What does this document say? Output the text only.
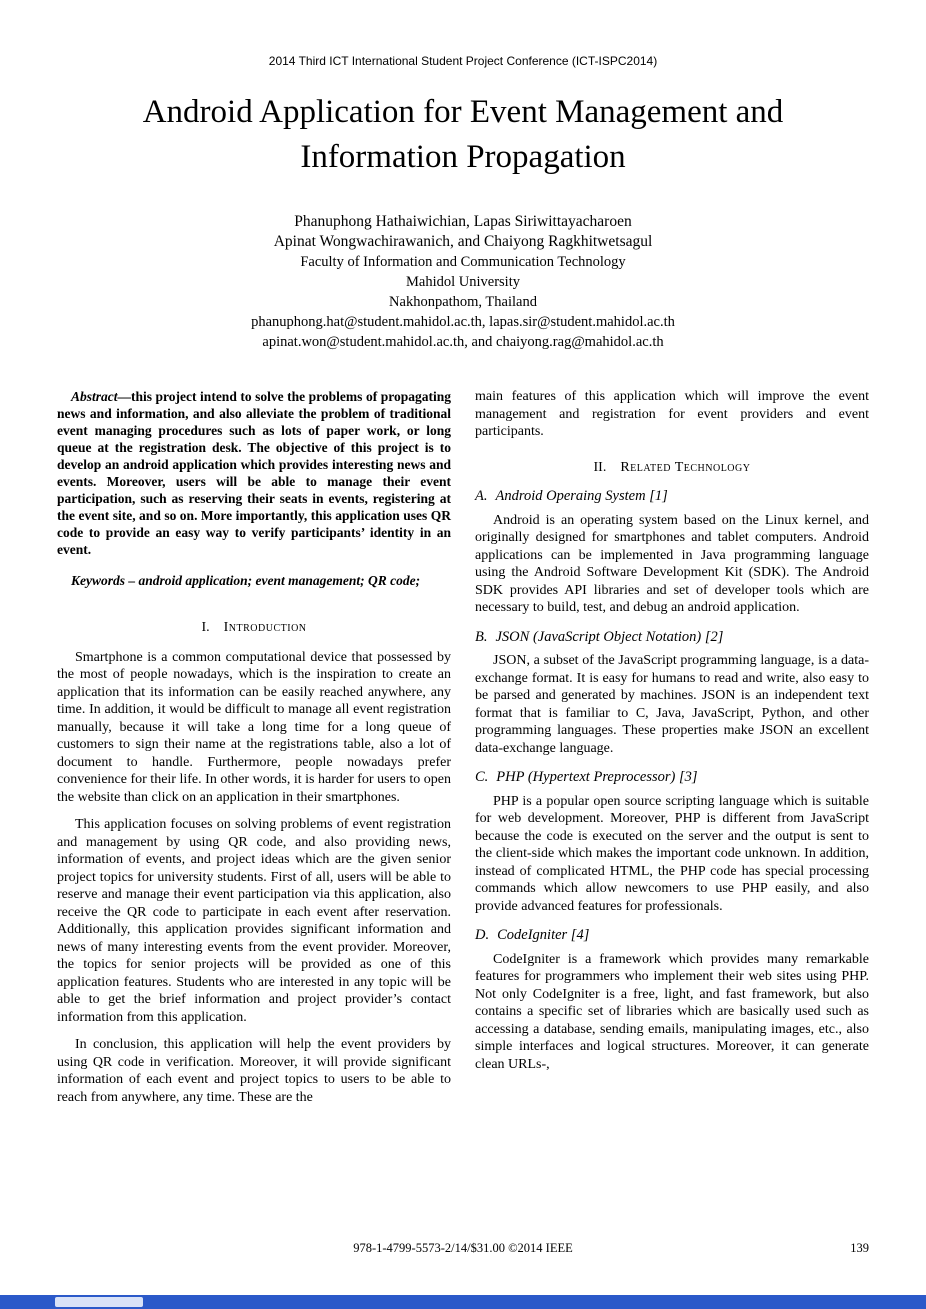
2014 Third ICT International Student Project Conference (ICT-ISPC2014)
Android Application for Event Management and
Information Propagation
Phanuphong Hathaiwichian, Lapas Siriwittayacharoen
Apinat Wongwachirawanich, and Chaiyong Ragkhitwetsagul
Faculty of Information and Communication Technology
Mahidol University
Nakhonpathom, Thailand
phanuphong.hat@student.mahidol.ac.th, lapas.sir@student.mahidol.ac.th
apinat.won@student.mahidol.ac.th, and chaiyong.rag@mahidol.ac.th

Abstract—this project intend to solve the problems of propagating news and information, and also alleviate the problem of traditional event managing procedures such as lots of paper work, or long queue at the registration desk. The objective of this project is to develop an android application which provides interesting news and events. Moreover, users will be able to manage their event participation, such as reserving their seats in events, registering at the event site, and so on. More importantly, this application uses QR code to provide an easy way to verify participants’ identity in an event.

Keywords – android application; event management; QR code;

I. Introduction

Smartphone is a common computational device that possessed by the most of people nowadays, which is the inspiration to create an application that its information can be easily reached anywhere, any time. In addition, it would be difficult to manage all event registration manually, because it will take a long time for a long queue of customers to sign their name at the registrations table, also a lot of document to handle. Furthermore, people nowadays prefer convenience for their life. In other words, it is harder for users to open the website than click on an application in their smartphones.

This application focuses on solving problems of event registration and management by using QR code, and also providing news, information of events, and project ideas which are the given senior project topics for university students. First of all, users will be able to reserve and manage their event participation via this application, also receive the QR code to participate in each event after reservation. Additionally, this application provides significant information and news of many interesting events from the event provider. Moreover, the topics for senior projects will be provided as one of this application features. Students who are interested in any topic will be able to get the brief information and project provider’s contact information from this application.

In conclusion, this application will help the event providers by using QR code in verification. Moreover, it will provide significant information of each event and project topics to users to be able to reach from anywhere, any time. These are the

main features of this application which will improve the event management and registration for event providers and event participants.

II. Related Technology
A. Android Operaing System [1]

Android is an operating system based on the Linux kernel, and originally designed for smartphones and tablet computers. Android applications can be implemented in Java programming language using the Android Software Development Kit (SDK). The Android SDK provides API libraries and set of developer tools which are necessary to build, test, and debug an android application.

B. JSON (JavaScript Object Notation) [2]

JSON, a subset of the JavaScript programming language, is a data-exchange format. It is easy for humans to read and write, also easy to be parsed and generated by machines. JSON is an independent text format that is familiar to C, Java, JavaScript, Python, and other programming languages. These properties make JSON an excellent data-exchange language.

C. PHP (Hypertext Preprocessor) [3]

PHP is a popular open source scripting language which is suitable for web development. Moreover, PHP is different from JavaScript because the code is executed on the server and the output is sent to the client-side which makes the important code unknown. In addition, instead of complicated HTML, the PHP code has special processing commands which allow newcomers to use PHP easily, and also provide advanced features for professionals.

D. CodeIgniter [4]

CodeIgniter is a framework which provides many remarkable features for programmers who implement their web sites using PHP. Not only CodeIgniter is a free, light, and fast framework, but also contains a specific set of libraries which are basically used such as accessing a database, sending emails, manipulating images, etc., also simple interfaces and logical structures. Moreover, it can generate clean URLs-,

978-1-4799-5573-2/14/$31.00 ©2014 IEEE	139
